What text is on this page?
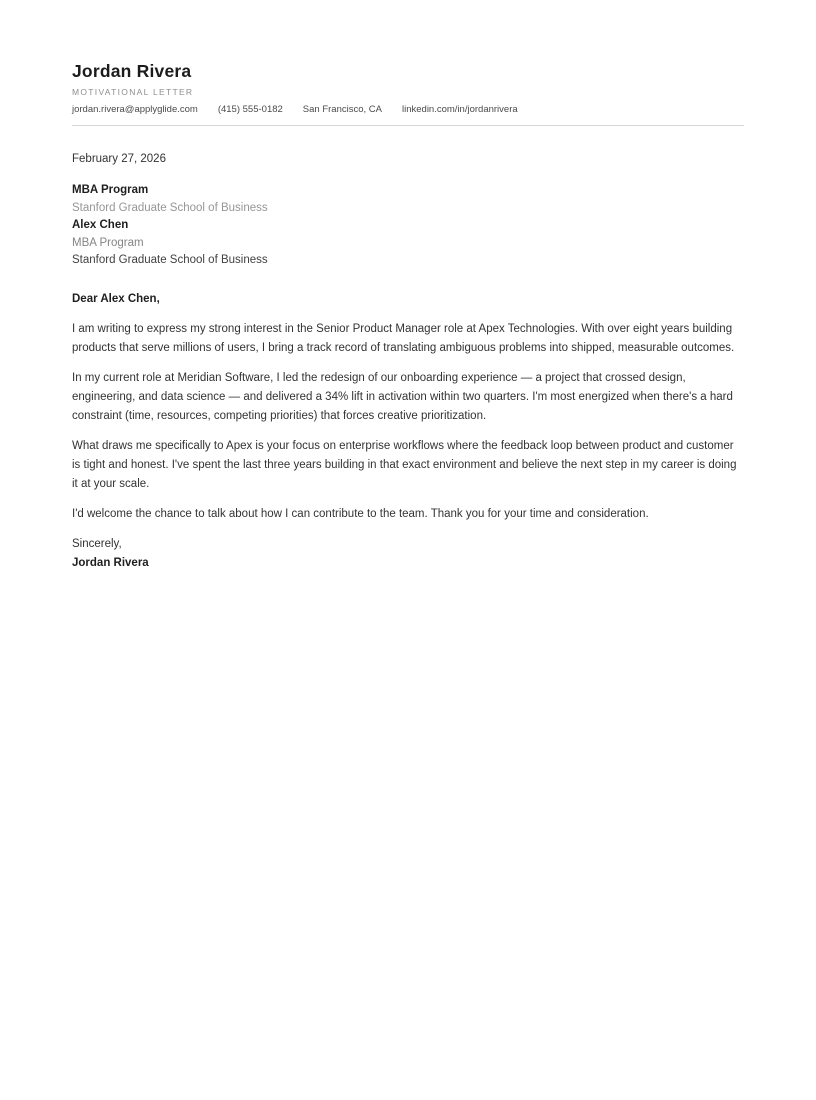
Jordan Rivera
MOTIVATIONAL LETTER
jordan.rivera@applyglide.com (415) 555-0182 San Francisco, CA linkedin.com/in/jordanrivera
February 27, 2026
MBA Program
Stanford Graduate School of Business
Alex Chen
MBA Program
Stanford Graduate School of Business
Dear Alex Chen,

I am writing to express my strong interest in the Senior Product Manager role at Apex Technologies. With over eight years building products that serve millions of users, I bring a track record of translating ambiguous problems into shipped, measurable outcomes.

In my current role at Meridian Software, I led the redesign of our onboarding experience — a project that crossed design, engineering, and data science — and delivered a 34% lift in activation within two quarters. I'm most energized when there's a hard constraint (time, resources, competing priorities) that forces creative prioritization.

What draws me specifically to Apex is your focus on enterprise workflows where the feedback loop between product and customer is tight and honest. I've spent the last three years building in that exact environment and believe the next step in my career is doing it at your scale.

I'd welcome the chance to talk about how I can contribute to the team. Thank you for your time and consideration.

Sincerely,
Jordan Rivera
